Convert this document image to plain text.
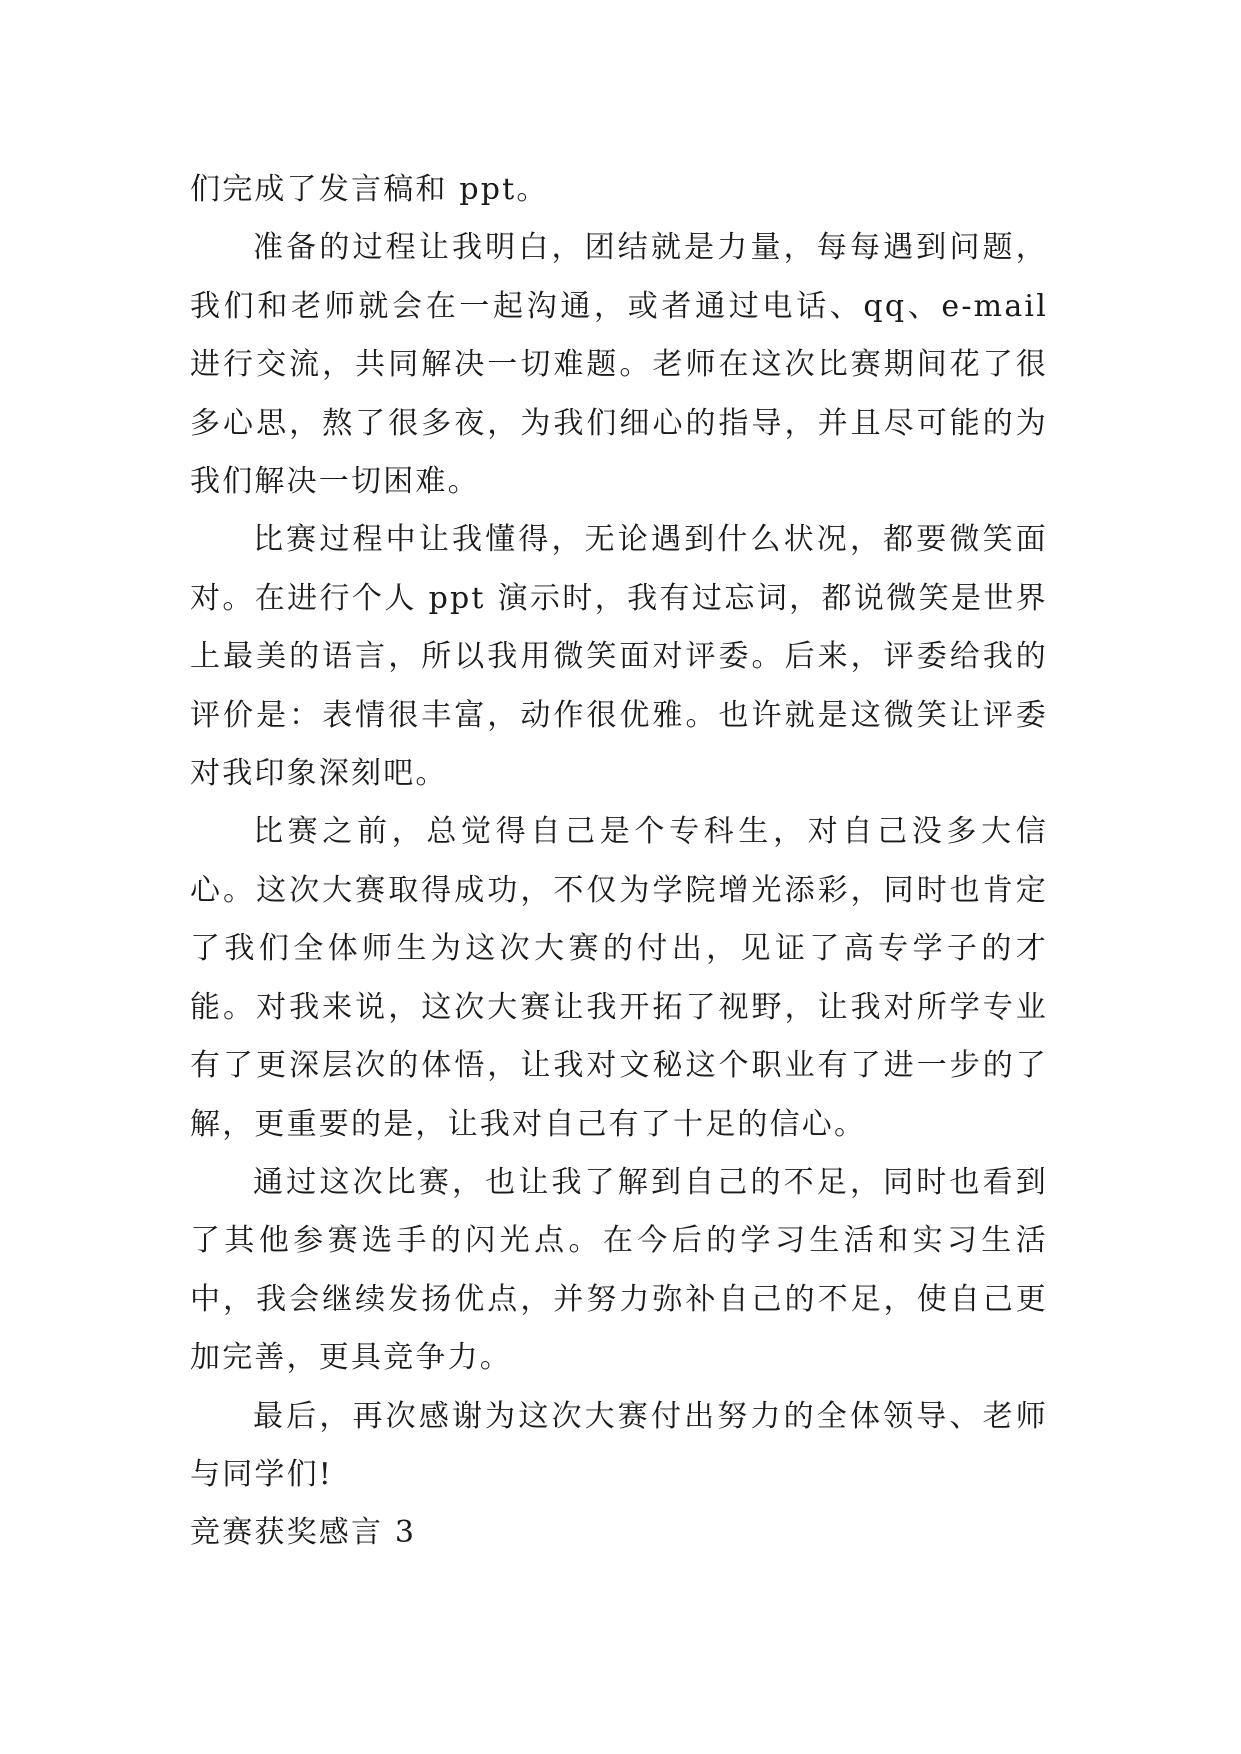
们完成了发言稿和 ppt。

准备的过程让我明白，团结就是力量，每每遇到问题，我们和老师就会在一起沟通，或者通过电话、qq、e-mail 进行交流，共同解决一切难题。老师在这次比赛期间花了很多心思，熬了很多夜，为我们细心的指导，并且尽可能的为我们解决一切困难。

比赛过程中让我懂得，无论遇到什么状况，都要微笑面对。在进行个人 ppt 演示时，我有过忘词，都说微笑是世界上最美的语言，所以我用微笑面对评委。后来，评委给我的评价是：表情很丰富，动作很优雅。也许就是这微笑让评委对我印象深刻吧。

比赛之前，总觉得自己是个专科生，对自己没多大信心。这次大赛取得成功，不仅为学院增光添彩，同时也肯定了我们全体师生为这次大赛的付出，见证了高专学子的才能。对我来说，这次大赛让我开拓了视野，让我对所学专业有了更深层次的体悟，让我对文秘这个职业有了进一步的了解，更重要的是，让我对自己有了十足的信心。

通过这次比赛，也让我了解到自己的不足，同时也看到了其他参赛选手的闪光点。在今后的学习生活和实习生活中，我会继续发扬优点，并努力弥补自己的不足，使自己更加完善，更具竞争力。

最后，再次感谢为这次大赛付出努力的全体领导、老师与同学们!

竞赛获奖感言 3
